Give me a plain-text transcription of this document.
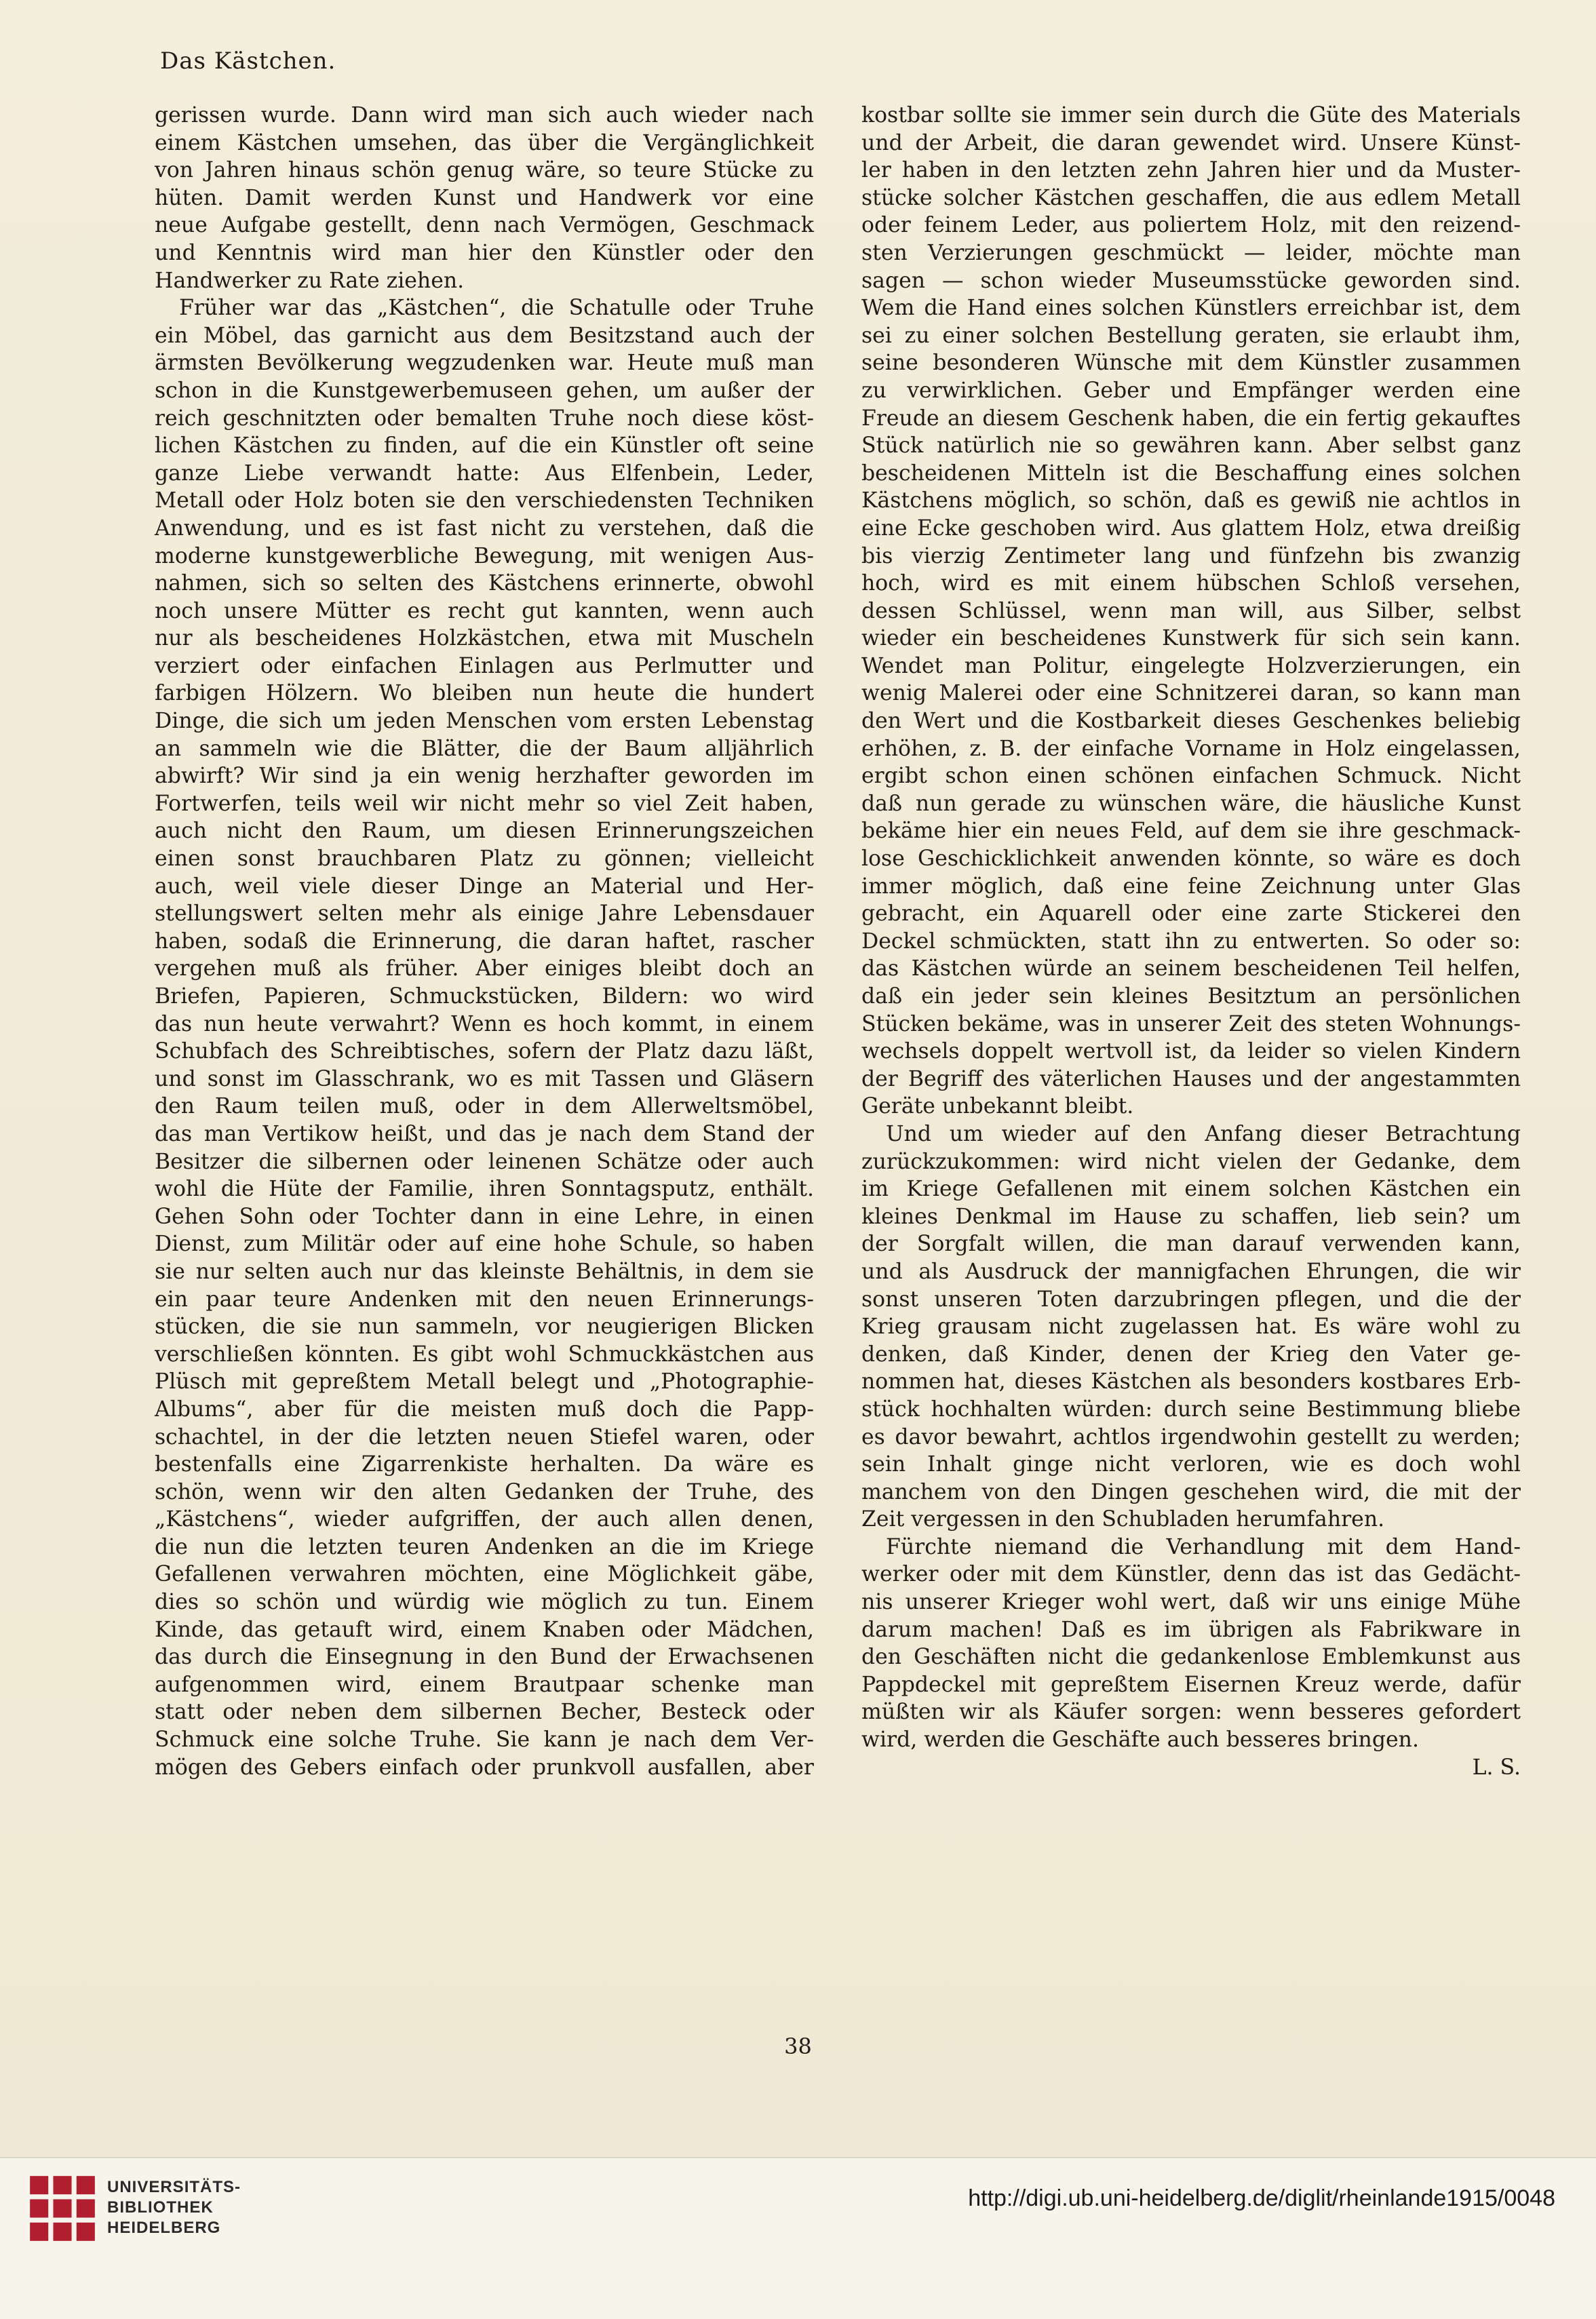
Das Kästchen.

gerissen wurde. Dann wird man sich auch wieder nach

einem Kästchen umsehen, das über die Vergänglichkeit

von Jahren hinaus schön genug wäre, so teure Stücke zu

hüten. Damit werden Kunst und Handwerk vor eine

neue Aufgabe gestellt, denn nach Vermögen, Geschmack

und Kenntnis wird man hier den Künstler oder den

Handwerker zu Rate ziehen.

Früher war das „Kästchen“, die Schatulle oder Truhe

ein Möbel, das garnicht aus dem Besitzstand auch der

ärmsten Bevölkerung wegzudenken war. Heute muß man

schon in die Kunstgewerbemuseen gehen, um außer der

reich geschnitzten oder bemalten Truhe noch diese köst-

lichen Kästchen zu finden, auf die ein Künstler oft seine

ganze Liebe verwandt hatte: Aus Elfenbein, Leder,

Metall oder Holz boten sie den verschiedensten Techniken

Anwendung, und es ist fast nicht zu verstehen, daß die

moderne kunstgewerbliche Bewegung, mit wenigen Aus-

nahmen, sich so selten des Kästchens erinnerte, obwohl

noch unsere Mütter es recht gut kannten, wenn auch

nur als bescheidenes Holzkästchen, etwa mit Muscheln

verziert oder einfachen Einlagen aus Perlmutter und

farbigen Hölzern. Wo bleiben nun heute die hundert

Dinge, die sich um jeden Menschen vom ersten Lebenstag

an sammeln wie die Blätter, die der Baum alljährlich

abwirft? Wir sind ja ein wenig herzhafter geworden im

Fortwerfen, teils weil wir nicht mehr so viel Zeit haben,

auch nicht den Raum, um diesen Erinnerungszeichen

einen sonst brauchbaren Platz zu gönnen; vielleicht

auch, weil viele dieser Dinge an Material und Her-

stellungswert selten mehr als einige Jahre Lebensdauer

haben, sodaß die Erinnerung, die daran haftet, rascher

vergehen muß als früher. Aber einiges bleibt doch an

Briefen, Papieren, Schmuckstücken, Bildern: wo wird

das nun heute verwahrt? Wenn es hoch kommt, in einem

Schubfach des Schreibtisches, sofern der Platz dazu läßt,

und sonst im Glasschrank, wo es mit Tassen und Gläsern

den Raum teilen muß, oder in dem Allerweltsmöbel,

das man Vertikow heißt, und das je nach dem Stand der

Besitzer die silbernen oder leinenen Schätze oder auch

wohl die Hüte der Familie, ihren Sonntagsputz, enthält.

Gehen Sohn oder Tochter dann in eine Lehre, in einen

Dienst, zum Militär oder auf eine hohe Schule, so haben

sie nur selten auch nur das kleinste Behältnis, in dem sie

ein paar teure Andenken mit den neuen Erinnerungs-

stücken, die sie nun sammeln, vor neugierigen Blicken

verschließen könnten. Es gibt wohl Schmuckkästchen aus

Plüsch mit gepreßtem Metall belegt und „Photographie-

Albums“, aber für die meisten muß doch die Papp-

schachtel, in der die letzten neuen Stiefel waren, oder

bestenfalls eine Zigarrenkiste herhalten. Da wäre es

schön, wenn wir den alten Gedanken der Truhe, des

„Kästchens“, wieder aufgriffen, der auch allen denen,

die nun die letzten teuren Andenken an die im Kriege

Gefallenen verwahren möchten, eine Möglichkeit gäbe,

dies so schön und würdig wie möglich zu tun. Einem

Kinde, das getauft wird, einem Knaben oder Mädchen,

das durch die Einsegnung in den Bund der Erwachsenen

aufgenommen wird, einem Brautpaar schenke man

statt oder neben dem silbernen Becher, Besteck oder

Schmuck eine solche Truhe. Sie kann je nach dem Ver-

mögen des Gebers einfach oder prunkvoll ausfallen, aber

kostbar sollte sie immer sein durch die Güte des Materials

und der Arbeit, die daran gewendet wird. Unsere Künst-

ler haben in den letzten zehn Jahren hier und da Muster-

stücke solcher Kästchen geschaffen, die aus edlem Metall

oder feinem Leder, aus poliertem Holz, mit den reizend-

sten Verzierungen geschmückt — leider, möchte man

sagen — schon wieder Museumsstücke geworden sind.

Wem die Hand eines solchen Künstlers erreichbar ist, dem

sei zu einer solchen Bestellung geraten, sie erlaubt ihm,

seine besonderen Wünsche mit dem Künstler zusammen

zu verwirklichen. Geber und Empfänger werden eine

Freude an diesem Geschenk haben, die ein fertig gekauftes

Stück natürlich nie so gewähren kann. Aber selbst ganz

bescheidenen Mitteln ist die Beschaffung eines solchen

Kästchens möglich, so schön, daß es gewiß nie achtlos in

eine Ecke geschoben wird. Aus glattem Holz, etwa dreißig

bis vierzig Zentimeter lang und fünfzehn bis zwanzig

hoch, wird es mit einem hübschen Schloß versehen,

dessen Schlüssel, wenn man will, aus Silber, selbst

wieder ein bescheidenes Kunstwerk für sich sein kann.

Wendet man Politur, eingelegte Holzverzierungen, ein

wenig Malerei oder eine Schnitzerei daran, so kann man

den Wert und die Kostbarkeit dieses Geschenkes beliebig

erhöhen, z. B. der einfache Vorname in Holz eingelassen,

ergibt schon einen schönen einfachen Schmuck. Nicht

daß nun gerade zu wünschen wäre, die häusliche Kunst

bekäme hier ein neues Feld, auf dem sie ihre geschmack-

lose Geschicklichkeit anwenden könnte, so wäre es doch

immer möglich, daß eine feine Zeichnung unter Glas

gebracht, ein Aquarell oder eine zarte Stickerei den

Deckel schmückten, statt ihn zu entwerten. So oder so:

das Kästchen würde an seinem bescheidenen Teil helfen,

daß ein jeder sein kleines Besitztum an persönlichen

Stücken bekäme, was in unserer Zeit des steten Wohnungs-

wechsels doppelt wertvoll ist, da leider so vielen Kindern

der Begriff des väterlichen Hauses und der angestammten

Geräte unbekannt bleibt.

Und um wieder auf den Anfang dieser Betrachtung

zurückzukommen: wird nicht vielen der Gedanke, dem

im Kriege Gefallenen mit einem solchen Kästchen ein

kleines Denkmal im Hause zu schaffen, lieb sein? um

der Sorgfalt willen, die man darauf verwenden kann,

und als Ausdruck der mannigfachen Ehrungen, die wir

sonst unseren Toten darzubringen pflegen, und die der

Krieg grausam nicht zugelassen hat. Es wäre wohl zu

denken, daß Kinder, denen der Krieg den Vater ge-

nommen hat, dieses Kästchen als besonders kostbares Erb-

stück hochhalten würden: durch seine Bestimmung bliebe

es davor bewahrt, achtlos irgendwohin gestellt zu werden;

sein Inhalt ginge nicht verloren, wie es doch wohl

manchem von den Dingen geschehen wird, die mit der

Zeit vergessen in den Schubladen herumfahren.

Fürchte niemand die Verhandlung mit dem Hand-

werker oder mit dem Künstler, denn das ist das Gedächt-

nis unserer Krieger wohl wert, daß wir uns einige Mühe

darum machen! Daß es im übrigen als Fabrikware in

den Geschäften nicht die gedankenlose Emblemkunst aus

Pappdeckel mit gepreßtem Eisernen Kreuz werde, dafür

müßten wir als Käufer sorgen: wenn besseres gefordert

wird, werden die Geschäfte auch besseres bringen.

L. S.

38
UNIVERSITÄTS-
BIBLIOTHEK
HEIDELBERG
http://digi.ub.uni-heidelberg.de/diglit/rheinlande1915/0048
